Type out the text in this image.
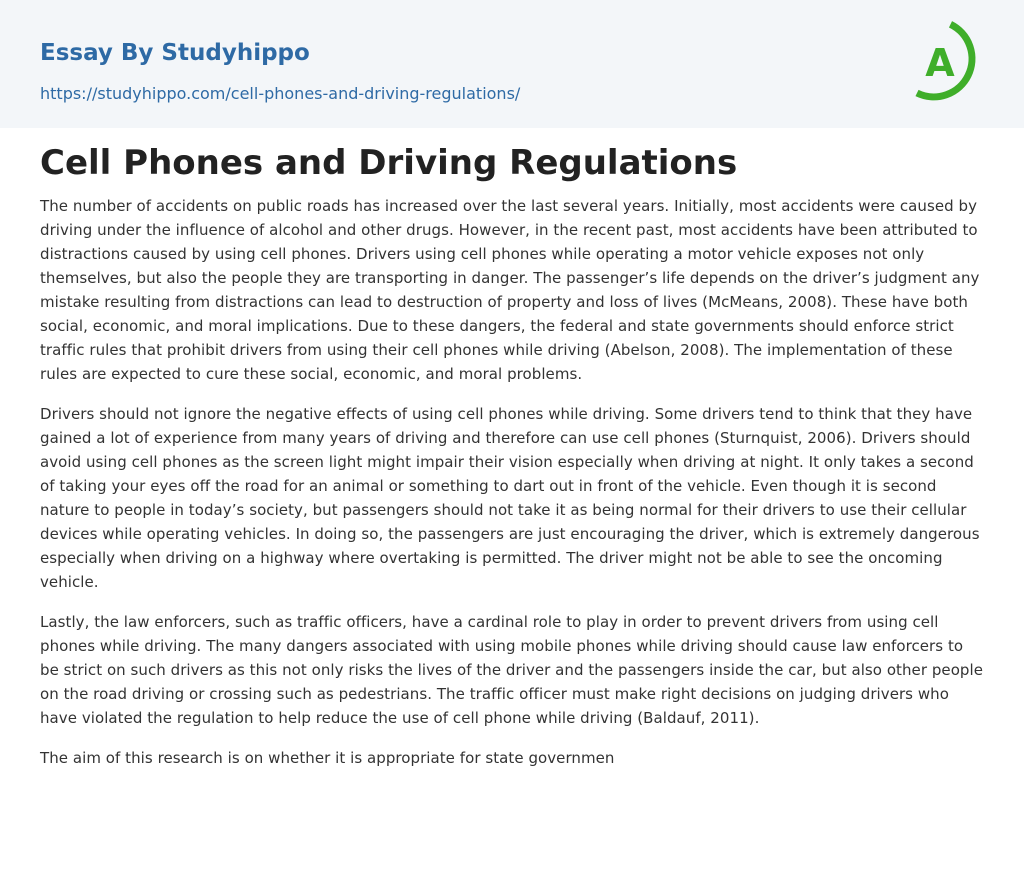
Essay By Studyhippo
https://studyhippo.com/cell-phones-and-driving-regulations/
A
Cell Phones and Driving Regulations

The number of accidents on public roads has increased over the last several years. Initially, most accidents were caused by driving under the influence of alcohol and other drugs. However, in the recent past, most accidents have been attributed to distractions caused by using cell phones. Drivers using cell phones while operating a motor vehicle exposes not only themselves, but also the people they are transporting in danger. The passenger’s life depends on the driver’s judgment any mistake resulting from distractions can lead to destruction of property and loss of lives (McMeans, 2008). These have both social, economic, and moral implications. Due to these dangers, the federal and state governments should enforce strict traffic rules that prohibit drivers from using their cell phones while driving (Abelson, 2008). The implementation of these rules are expected to cure these social, economic, and moral problems.

Drivers should not ignore the negative effects of using cell phones while driving. Some drivers tend to think that they have gained a lot of experience from many years of driving and therefore can use cell phones (Sturnquist, 2006). Drivers should avoid using cell phones as the screen light might impair their vision especially when driving at night. It only takes a second of taking your eyes off the road for an animal or something to dart out in front of the vehicle. Even though it is second nature to people in today’s society, but passengers should not take it as being normal for their drivers to use their cellular devices while operating vehicles. In doing so, the passengers are just encouraging the driver, which is extremely dangerous especially when driving on a highway where overtaking is permitted. The driver might not be able to see the oncoming vehicle.

Lastly, the law enforcers, such as traffic officers, have a cardinal role to play in order to prevent drivers from using cell phones while driving. The many dangers associated with using mobile phones while driving should cause law enforcers to be strict on such drivers as this not only risks the lives of the driver and the passengers inside the car, but also other people on the road driving or crossing such as pedestrians. The traffic officer must make right decisions on judging drivers who have violated the regulation to help reduce the use of cell phone while driving (Baldauf, 2011).

The aim of this research is on whether it is appropriate for state governmen
